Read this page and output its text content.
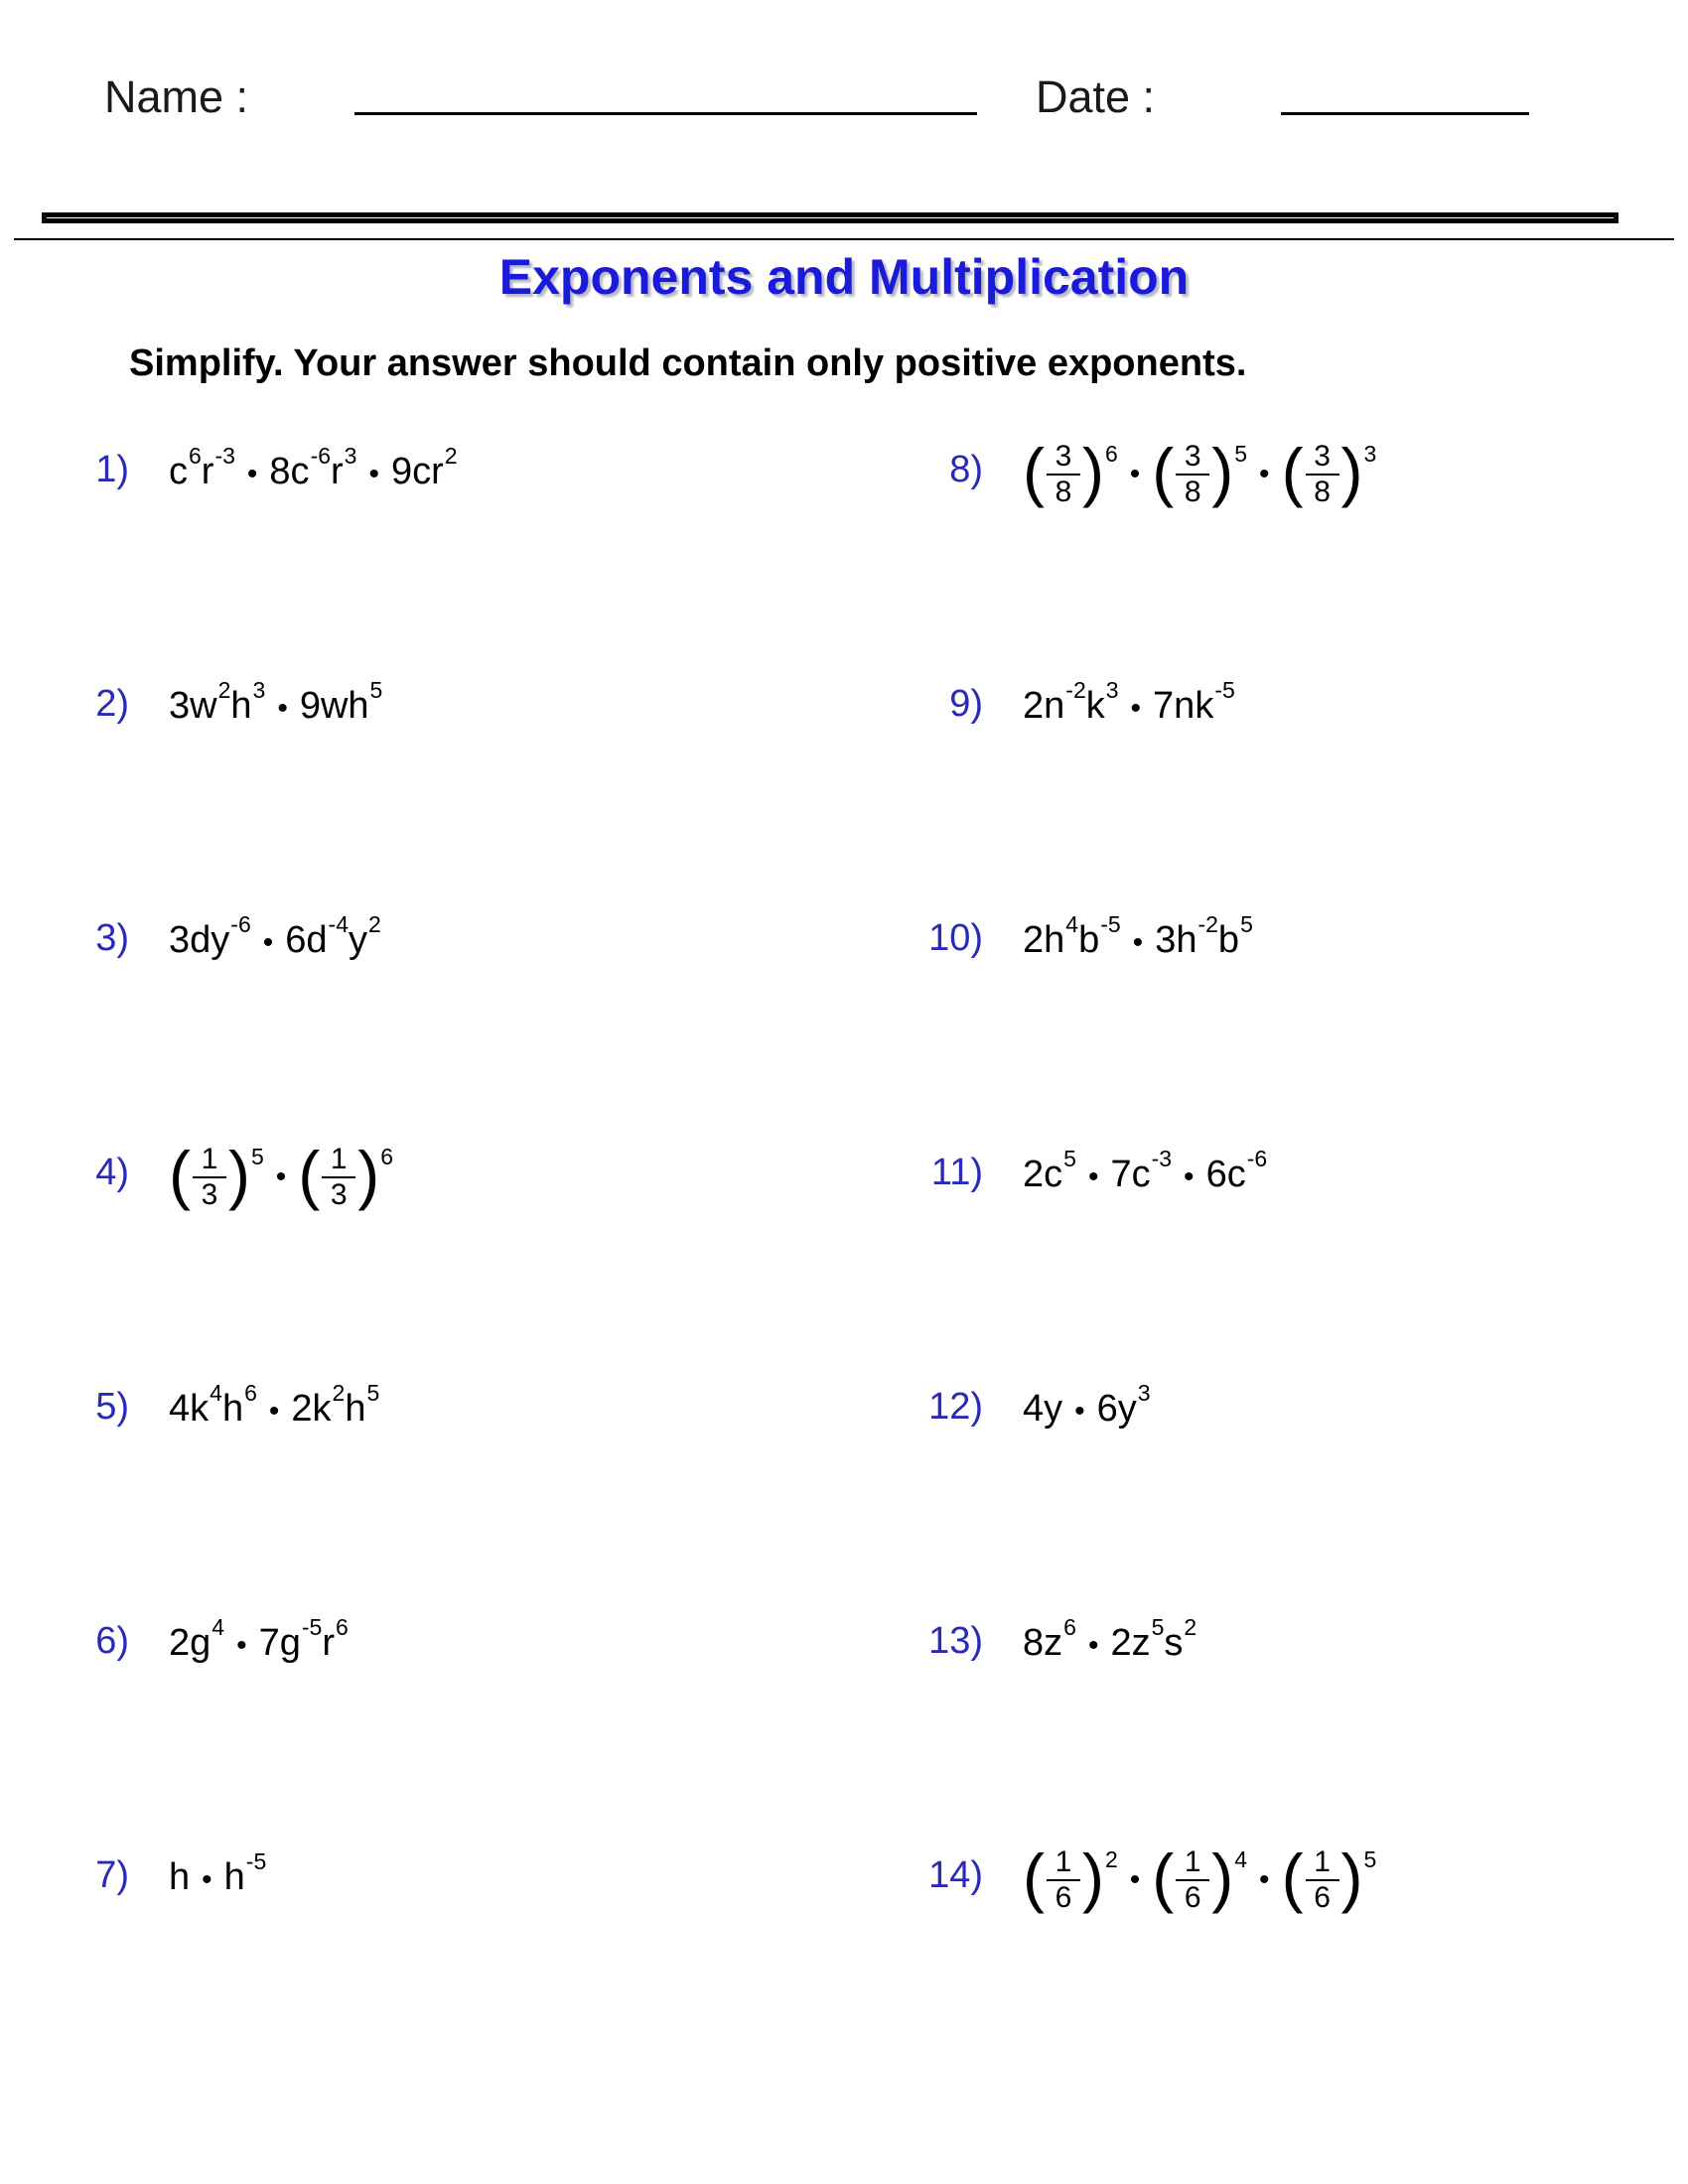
Name :	Date :
Exponents and Multiplication
Simplify. Your answer should contain only positive exponents.
1) $c^6r^{-3}•$ $8c^{-6}r^3•$ $9cr^2$
2) $3w^2h^3•$ $9wh^5$
3) $3dy^{-6}•$ $6d^{-4}y^2$
4) ( $\frac{1}{3}$ )$^5$• ( $\frac{1}{3} )^6$
5) $4k^4h^6•$ $2k^2h^5$
6) $2g^4•$ $7g^{-5}r^6$
7) h • $h^{-5}$
8) ( $\frac{3}{8}$ )$^6$• ( $\frac{3}{8}$ )$^5$• ( $\frac{3}{8} )^3$
9) $2n^{-2}k^3•$ $7nk^{-5}$
10) $2h^4b^{-5}•$ $3h^{-2}b^5$
11) $2c^5•$ $7c^{-3}•$ $6c^{-6}$
12) 4y • $6y^3$
13) $8z^6•$ $2z^5s^2$
14) ( $\frac{1}{6}$ )$^2$• ( $\frac{1}{6}$ )$^4$• ( $\frac{1}{6} )^5$
